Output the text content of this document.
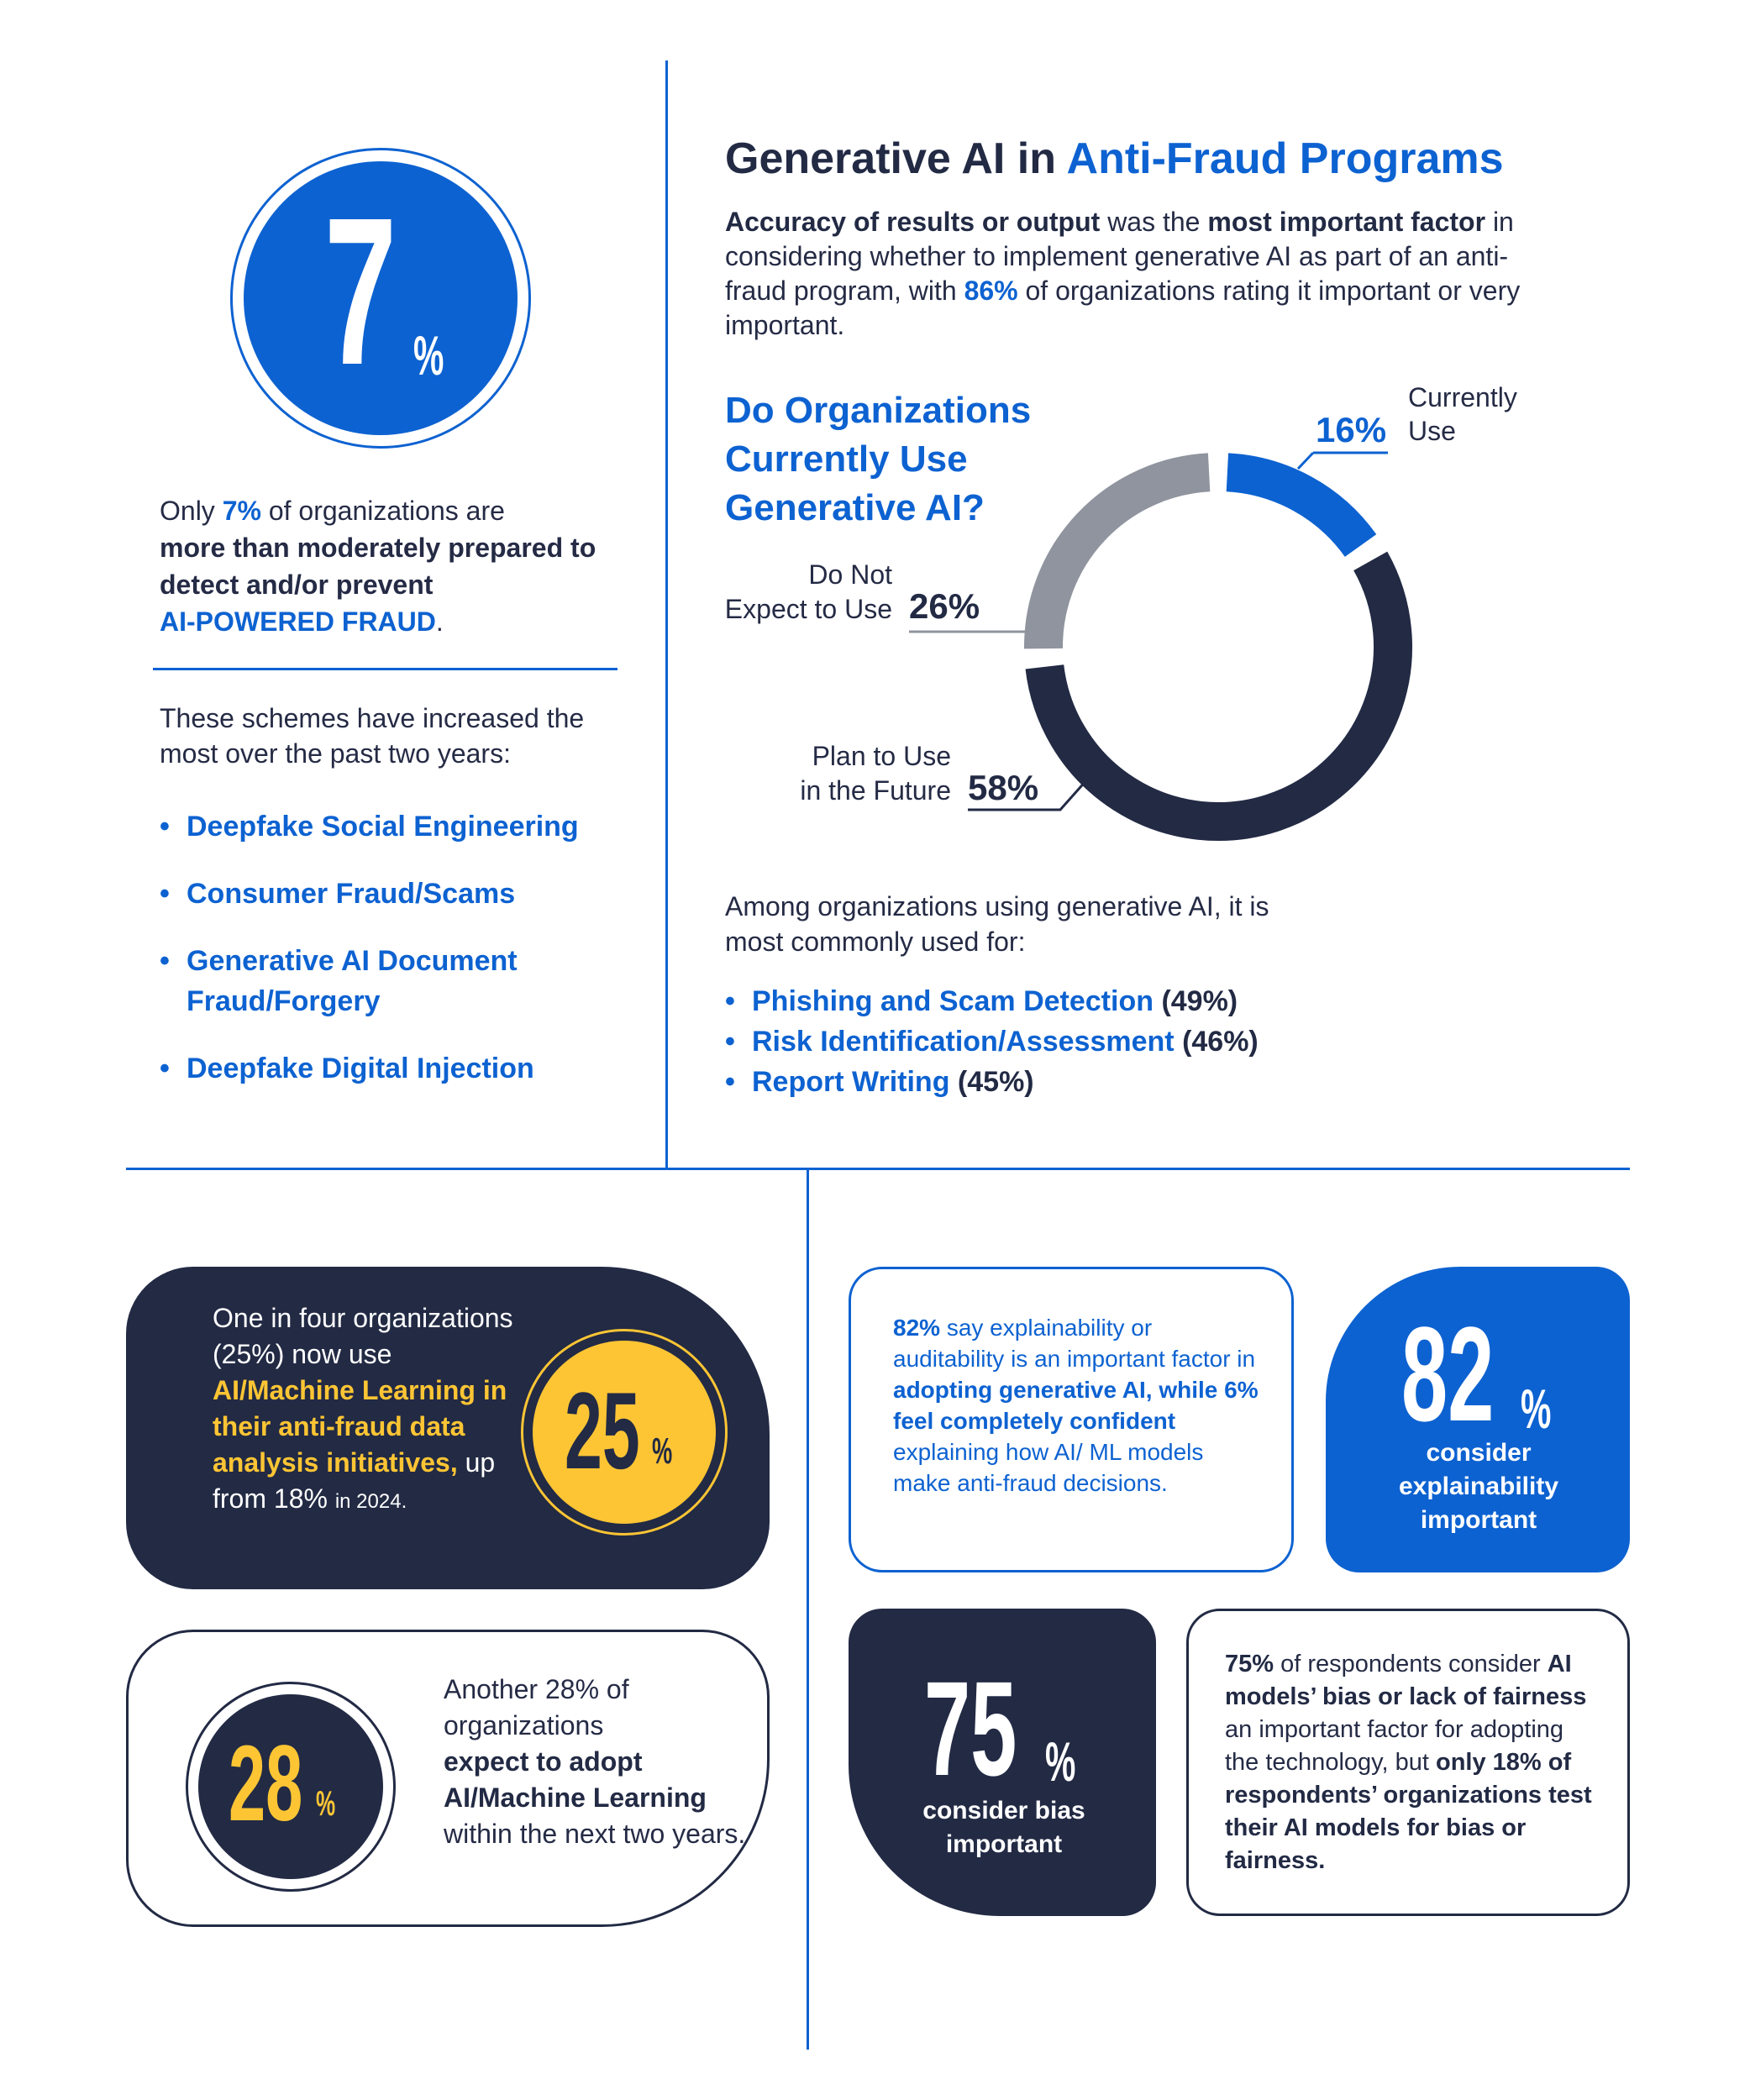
7 %
Only 7% of organizations are
more than moderately prepared to detect and/or prevent
AI-POWERED FRAUD.
These schemes have increased the most over the past two years:
• Deepfake Social Engineering
• Consumer Fraud/Scams
• Generative AI Document Fraud/Forgery
• Deepfake Digital Injection
Generative AI in Anti-Fraud Programs
Accuracy of results or output was the most important factor in considering whether to implement generative AI as part of an anti-fraud program, with 86% of organizations rating it important or very important.
Do Organizations Currently Use Generative AI?
16%
Currently
Use
Do Not
Expect to Use 26%
Plan to Use
in the Future 58%
Among organizations using generative AI, it is most commonly used for:
• Phishing and Scam Detection (49%)
• Risk Identification/Assessment (46%)
• Report Writing (45%)
One in four organizations (25%) now use AI/Machine Learning in their anti-fraud data analysis initiatives, up from 18% in 2024.
25 %
28 %
Another 28% of organizations
expect to adopt AI/Machine Learning
within the next two years.
82% say explainability or auditability is an important factor in adopting generative AI, while 6% feel completely confident explaining how AI/ ML models make anti-fraud decisions.
82 %
consider explainability important
75 %
consider bias important
75% of respondents consider AI models’ bias or lack of fairness an important factor for adopting the technology, but only 18% of respondents’ organizations test their AI models for bias or fairness.
